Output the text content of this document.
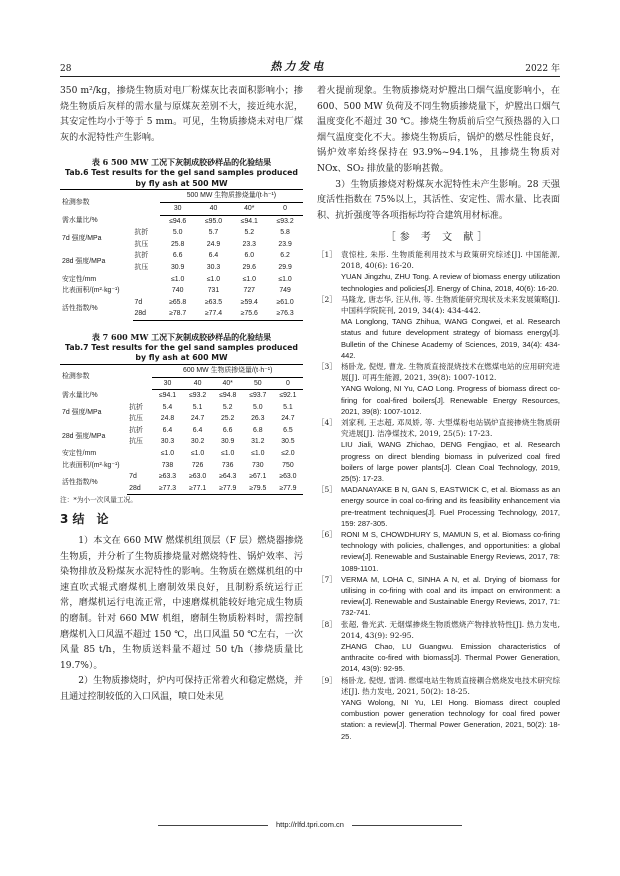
28	热力发电	2022 年

350 m²/kg，掺烧生物质对电厂粉煤灰比表面积影响小；掺烧生物质后灰样的需水量与原煤灰差别不大，接近纯水泥，其安定性均小于等于 5 mm。可见，生物质掺烧未对电厂煤灰的水泥特性产生影响。

表 6 500 MW 工况下灰制成胶砂样品的化验结果

Tab.6 Test results for the gel sand samples produced by fly ash at 500 MW

检测参数		500 MW 生物质掺烧量/(t·h⁻¹)			
		30	40	40*	0
需水量比/%		≤94.6	≤95.0	≤94.1	≤93.2
7d 强度/MPa	抗折	5.0	5.7	5.2	5.8
	抗压	25.8	24.9	23.3	23.9
28d 强度/MPa	抗折	6.6	6.4	6.0	6.2
	抗压	30.9	30.3	29.6	29.9
安定性/mm		≤1.0	≤1.0	≤1.0	≤1.0
比表面积/(m²·kg⁻¹)		740	731	727	749
活性指数/%	7d	≥65.8	≥63.5	≥59.4	≥61.0
	28d	≥78.7	≥77.4	≥75.6	≥76.3

表 7 600 MW 工况下灰制成胶砂样品的化验结果

Tab.7 Test results for the gel sand samples produced by fly ash at 600 MW

检测参数		600 MW 生物质掺烧量/(t·h⁻¹)				
		30	40	40*	50	0
需水量比/%		≤94.1	≤93.2	≤94.8	≤93.7	≤92.1
7d 强度/MPa	抗折	5.4	5.1	5.2	5.0	5.1
	抗压	24.8	24.7	25.2	26.3	24.7
28d 强度/MPa	抗折	6.4	6.4	6.6	6.8	6.5
	抗压	30.3	30.2	30.9	31.2	30.5
安定性/mm		≤1.0	≤1.0	≤1.0	≤1.0	≤2.0
比表面积/(m²·kg⁻¹)		738	726	736	730	750
活性指数/%	7d	≥63.3	≥63.0	≥64.3	≥67.1	≥63.0
	28d	≥77.3	≥77.1	≥77.9	≥79.5	≥77.9

注：*为小一次风量工况。

3 结　论

1）本文在 660 MW 燃煤机组顶层（F 层）燃烧器掺烧生物质，并分析了生物质掺烧量对燃烧特性、锅炉效率、污染物排放及粉煤灰水泥特性的影响。生物质在燃煤机组的中速直吹式辊式磨煤机上磨制效果良好，且制粉系统运行正常，磨煤机运行电流正常，中速磨煤机能较好地完成生物质的磨制。针对 660 MW 机组，磨制生物质粉料时，需控制磨煤机入口风温不超过 150 ℃，出口风温 50 ℃左右，一次风量 85 t/h，生物质送料量不超过 50 t/h（掺烧质量比 19.7%）。

2）生物质掺烧时，炉内可保持正常着火和稳定燃烧，并且通过控制较低的入口风温，喷口处未见

着火提前现象。生物质掺烧对炉膛出口烟气温度影响小，在 600、500 MW 负荷及不同生物质掺烧量下，炉膛出口烟气温度变化不超过 30 ℃。掺烧生物质前后空气预热器的入口烟气温度变化不大。掺烧生物质后，锅炉的燃尽性能良好，锅炉效率始终保持在 93.9%~94.1%，且掺烧生物质对 NOx、SO₂ 排放量的影响甚微。

3）生物质掺烧对粉煤灰水泥特性未产生影响。28 天强度活性指数在 75%以上，其活性、安定性、需水量、比表面积、抗折强度等各项指标均符合建筑用材标准。

［参 考 文 献］
［1］ 袁惊柱, 朱彤. 生物质能利用技术与政策研究综述[J]. 中国能源, 2018, 40(6): 16-20.
YUAN Jingzhu, ZHU Tong. A review of biomass energy utilization technologies and policies[J]. Energy of China, 2018, 40(6): 16-20.
［2］ 马隆龙, 唐志华, 汪从伟, 等. 生物质能研究现状及未来发展策略[J]. 中国科学院院刊, 2019, 34(4): 434-442.
MA Longlong, TANG Zhihua, WANG Congwei, et al. Research status and future development strategy of biomass energy[J]. Bulletin of the Chinese Academy of Sciences, 2019, 34(4): 434-442.
［3］ 杨卧龙, 倪煜, 曹龙. 生物质直接混烧技术在燃煤电站的应用研究进展[J]. 可再生能源, 2021, 39(8): 1007-1012.
YANG Wolong, NI Yu, CAO Long. Progress of biomass direct co-firing for coal-fired boilers[J]. Renewable Energy Resources, 2021, 39(8): 1007-1012.
［4］ 刘家利, 王志超, 邓凤娇, 等. 大型煤粉电站锅炉直接掺烧生物质研究进展[J]. 洁净煤技术, 2019, 25(5): 17-23.
LIU Jiali, WANG Zhichao, DENG Fengjiao, et al. Research progress on direct blending biomass in pulverized coal fired boilers of large power plants[J]. Clean Coal Technology, 2019, 25(5): 17-23.
［5］ MADANAYAKE B N, GAN S, EASTWICK C, et al. Biomass as an energy source in coal co-firing and its feasibility enhancement via pre-treatment techniques[J]. Fuel Processing Technology, 2017, 159: 287-305.
［6］ RONI M S, CHOWDHURY S, MAMUN S, et al. Biomass co-firing technology with policies, challenges, and opportunities: a global review[J]. Renewable and Sustainable Energy Reviews, 2017, 78: 1089-1101.
［7］ VERMA M, LOHA C, SINHA A N, et al. Drying of biomass for utilising in co-firing with coal and its impact on environment: a review[J]. Renewable and Sustainable Energy Reviews, 2017, 71: 732-741.
［8］ 张超, 鲁光武. 无烟煤掺烧生物质燃烧产物排放特性[J]. 热力发电, 2014, 43(9): 92-95.
ZHANG Chao, LU Guangwu. Emission characteristics of anthracite co-fired with biomass[J]. Thermal Power Generation, 2014, 43(9): 92-95.
［9］ 杨卧龙, 倪煜, 雷鸿. 燃煤电站生物质直接耦合燃烧发电技术研究综述[J]. 热力发电, 2021, 50(2): 18-25.
YANG Wolong, NI Yu, LEI Hong. Biomass direct coupled combustion power generation technology for coal fired power station: a review[J]. Thermal Power Generation, 2021, 50(2): 18-25.
http://rlfd.tpri.com.cn
